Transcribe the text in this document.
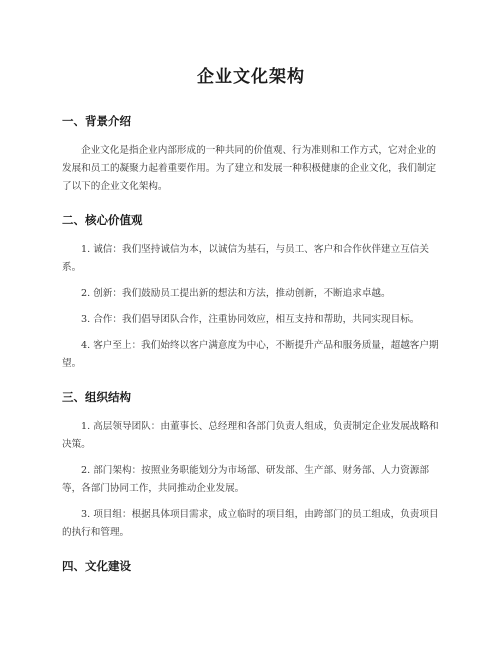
企业文化架构
一、背景介绍

企业文化是指企业内部形成的一种共同的价值观、行为准则和工作方式，它对企业的发展和员工的凝聚力起着重要作用。为了建立和发展一种积极健康的企业文化，我们制定了以下的企业文化架构。

二、核心价值观

1. 诚信：我们坚持诚信为本，以诚信为基石，与员工、客户和合作伙伴建立互信关系。

2. 创新：我们鼓励员工提出新的想法和方法，推动创新，不断追求卓越。

3. 合作：我们倡导团队合作，注重协同效应，相互支持和帮助，共同实现目标。

4. 客户至上：我们始终以客户满意度为中心，不断提升产品和服务质量，超越客户期望。

三、组织结构

1. 高层领导团队：由董事长、总经理和各部门负责人组成，负责制定企业发展战略和决策。

2. 部门架构：按照业务职能划分为市场部、研发部、生产部、财务部、人力资源部等，各部门协同工作，共同推动企业发展。

3. 项目组：根据具体项目需求，成立临时的项目组，由跨部门的员工组成，负责项目的执行和管理。

四、文化建设
